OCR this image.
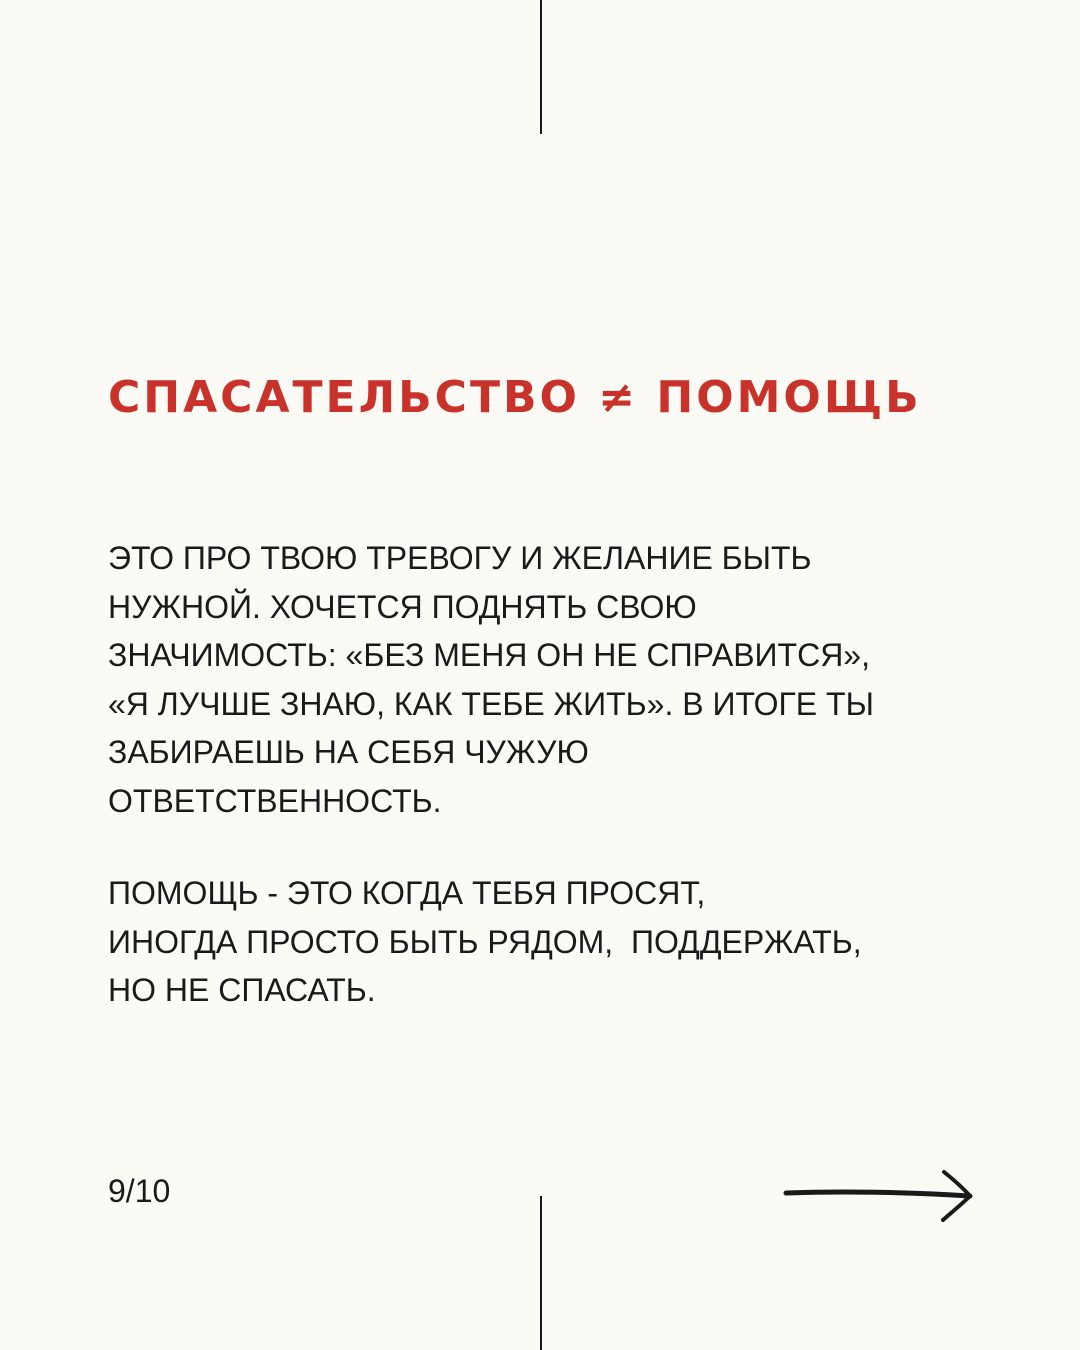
СПАСАТЕЛЬСТВО ≠ ПОМОЩЬ
ЭТО ПРО ТВОЮ ТРЕВОГУ И ЖЕЛАНИЕ БЫТЬ
НУЖНОЙ. ХОЧЕТСЯ ПОДНЯТЬ СВОЮ
ЗНАЧИМОСТЬ: «БЕЗ МЕНЯ ОН НЕ СПРАВИТСЯ»,
«Я ЛУЧШЕ ЗНАЮ, КАК ТЕБЕ ЖИТЬ». В ИТОГЕ ТЫ
ЗАБИРАЕШЬ НА СЕБЯ ЧУЖУЮ
ОТВЕТСТВЕННОСТЬ.
ПОМОЩЬ - ЭТО КОГДА ТЕБЯ ПРОСЯТ,
ИНОГДА ПРОСТО БЫТЬ РЯДОМ,  ПОДДЕРЖАТЬ,
НО НЕ СПАСАТЬ.
9/10
